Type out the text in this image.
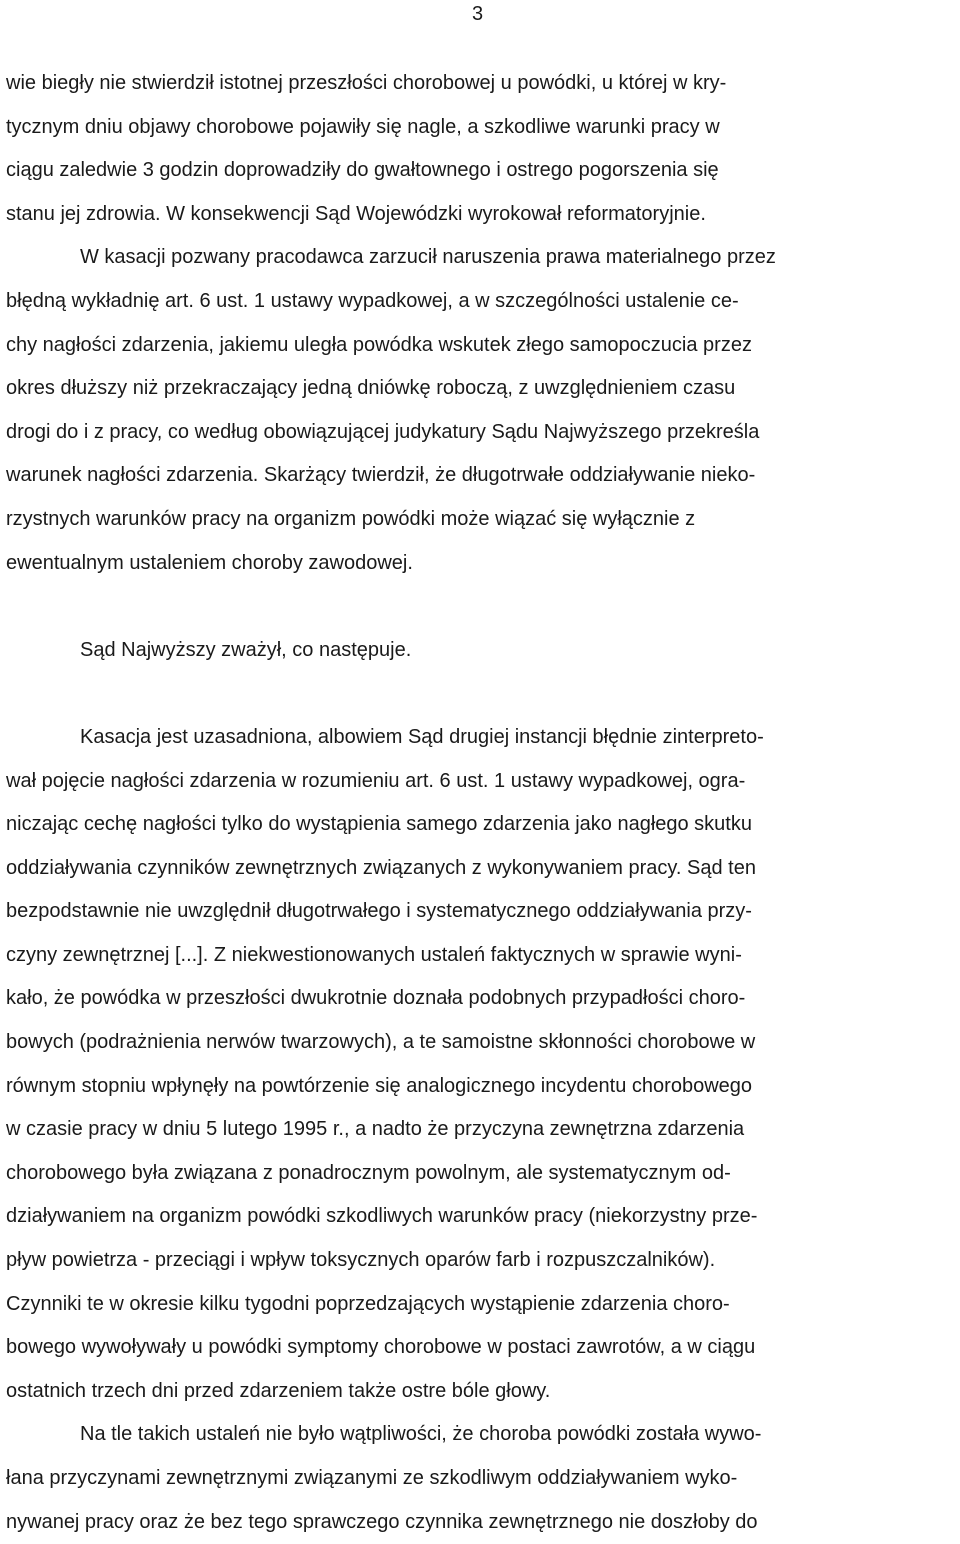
3
wie biegły nie stwierdził istotnej przeszłości chorobowej u powódki, u której w kry-
tycznym dniu objawy chorobowe pojawiły się nagle, a szkodliwe warunki pracy w
ciągu zaledwie 3 godzin doprowadziły do gwałtownego i ostrego pogorszenia się
stanu jej zdrowia. W konsekwencji Sąd Wojewódzki wyrokował reformatoryjnie.
W kasacji pozwany pracodawca zarzucił naruszenia prawa materialnego przez
błędną wykładnię art. 6 ust. 1 ustawy wypadkowej, a w szczególności ustalenie ce-
chy nagłości zdarzenia, jakiemu uległa powódka wskutek złego samopoczucia przez
okres dłuższy niż przekraczający jedną dniówkę roboczą, z uwzględnieniem czasu
drogi do i z pracy, co według obowiązującej judykatury Sądu Najwyższego przekreśla
warunek nagłości zdarzenia. Skarżący twierdził, że długotrwałe oddziaływanie nieko-
rzystnych warunków pracy na organizm powódki może wiązać się wyłącznie z
ewentualnym ustaleniem choroby zawodowej.
Sąd Najwyższy zważył, co następuje.
Kasacja jest uzasadniona, albowiem Sąd drugiej instancji błędnie zinterpreto-
wał pojęcie nagłości zdarzenia w rozumieniu art. 6 ust. 1 ustawy wypadkowej, ogra-
niczając cechę nagłości tylko do wystąpienia samego zdarzenia jako nagłego skutku
oddziaływania czynników zewnętrznych związanych z wykonywaniem pracy. Sąd ten
bezpodstawnie nie uwzględnił długotrwałego i systematycznego oddziaływania przy-
czyny zewnętrznej [...]. Z niekwestionowanych ustaleń faktycznych w sprawie wyni-
kało, że powódka w przeszłości dwukrotnie doznała podobnych przypadłości choro-
bowych (podrażnienia nerwów twarzowych), a te samoistne skłonności chorobowe w
równym stopniu wpłynęły na powtórzenie się analogicznego incydentu chorobowego
w czasie pracy w dniu 5 lutego 1995 r., a nadto że przyczyna zewnętrzna zdarzenia
chorobowego była związana z ponadrocznym powolnym, ale systematycznym od-
działywaniem na organizm powódki szkodliwych warunków pracy (niekorzystny prze-
pływ powietrza - przeciągi i wpływ toksycznych oparów farb i rozpuszczalników).
Czynniki te w okresie kilku tygodni poprzedzających wystąpienie zdarzenia choro-
bowego wywoływały u powódki symptomy chorobowe w postaci zawrotów, a w ciągu
ostatnich trzech dni przed zdarzeniem także ostre bóle głowy.
Na tle takich ustaleń nie było wątpliwości, że choroba powódki została wywo-
łana przyczynami zewnętrznymi związanymi ze szkodliwym oddziaływaniem wyko-
nywanej pracy oraz że bez tego sprawczego czynnika zewnętrznego nie doszłoby do
